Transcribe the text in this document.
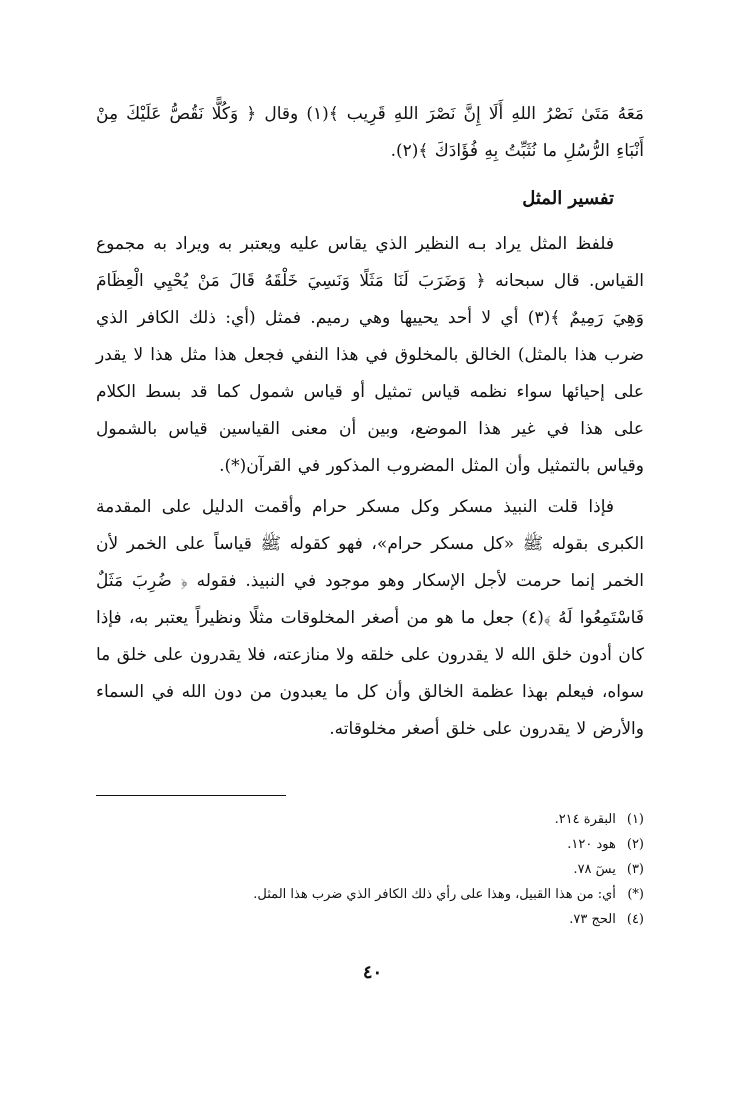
مَعَهُ مَتَىٰ نَصْرُ اللهِ أَلَا إِنَّ نَصْرَ اللهِ قَرِيب ﴾(١) وقال ﴿ وَكُلًّا نَقُصُّ عَلَيْكَ مِنْ أَنْبَاءِ الرُّسُلِ ما نُثَبِّتُ بِهِ فُؤَادَكَ ﴾(٢).

تفسير المثل

فلفظ المثل يراد بـه النظير الذي يقاس عليه ويعتبر به ويراد به مجموع القياس. قال سبحانه ﴿ وَضَرَبَ لَنَا مَثَلًا وَنَسِيَ خَلْقَهُ قَالَ مَنْ يُحْيِي الْعِظَامَ وَهِيَ رَمِيمٌ ﴾(٣) أي لا أحد يحييها وهي رميم. فمثل (أي: ذلك الكافر الذي ضرب هذا بالمثل) الخالق بالمخلوق في هذا النفي فجعل هذا مثل هذا لا يقدر على إحيائها سواء نظمه قياس تمثيل أو قياس شمول كما قد بسط الكلام على هذا في غير هذا الموضع، وبين أن معنى القياسين قياس بالشمول وقياس بالتمثيل وأن المثل المضروب المذكور في القرآن(*).

فإذا قلت النبيذ مسكر وكل مسكر حرام وأقمت الدليل على المقدمة الكبرى بقوله ﷺ «كل مسكر حرام»، فهو كقوله ﷺ قياساً على الخمر لأن الخمر إنما حرمت لأجل الإسكار وهو موجود في النبيذ. فقوله ﴿ ضُرِبَ مَثَلٌ فَاسْتَمِعُوا لَهُ ﴾(٤) جعل ما هو من أصغر المخلوقات مثلًا ونظيراً يعتبر به، فإذا كان أدون خلق الله لا يقدرون على خلقه ولا منازعته، فلا يقدرون على خلق ما سواه، فيعلم بهذا عظمة الخالق وأن كل ما يعبدون من دون الله في السماء والأرض لا يقدرون على خلق أصغر مخلوقاته.

(١) البقرة ٢١٤.
(٢) هود ١٢٠.
(٣) يسٓ ٧٨.
(*) أي: من هذا القبيل، وهذا على رأي ذلك الكافر الذي ضرب هذا المثل.
(٤) الحج ٧٣.
٤٠
